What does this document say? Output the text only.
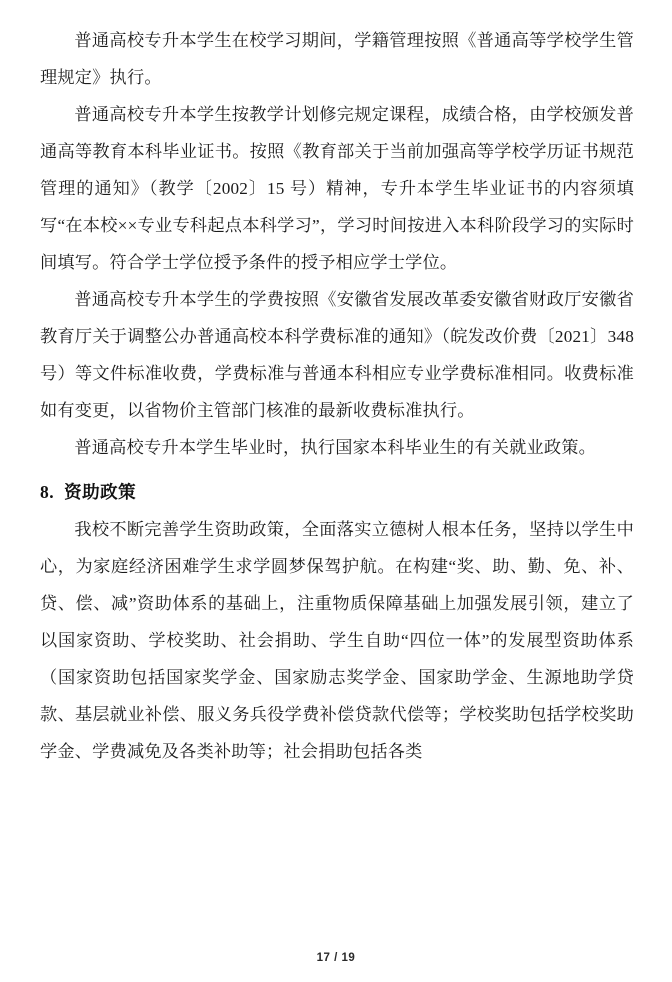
普通高校专升本学生在校学习期间，学籍管理按照《普通高等学校学生管理规定》执行。

普通高校专升本学生按教学计划修完规定课程，成绩合格，由学校颁发普通高等教育本科毕业证书。按照《教育部关于当前加强高等学校学历证书规范管理的通知》（教学〔2002〕15 号）精神，专升本学生毕业证书的内容须填写“在本校××专业专科起点本科学习”，学习时间按进入本科阶段学习的实际时间填写。符合学士学位授予条件的授予相应学士学位。

普通高校专升本学生的学费按照《安徽省发展改革委安徽省财政厅安徽省教育厅关于调整公办普通高校本科学费标准的通知》（皖发改价费〔2021〕348 号）等文件标准收费，学费标准与普通本科相应专业学费标准相同。收费标准如有变更，以省物价主管部门核准的最新收费标准执行。

普通高校专升本学生毕业时，执行国家本科毕业生的有关就业政策。

8. 资助政策

我校不断完善学生资助政策，全面落实立德树人根本任务，坚持以学生中心，为家庭经济困难学生求学圆梦保驾护航。在构建“奖、助、勤、免、补、贷、偿、减”资助体系的基础上，注重物质保障基础上加强发展引领，建立了以国家资助、学校奖助、社会捐助、学生自助“四位一体”的发展型资助体系（国家资助包括国家奖学金、国家励志奖学金、国家助学金、生源地助学贷款、基层就业补偿、服义务兵役学费补偿贷款代偿等；学校奖助包括学校奖助学金、学费减免及各类补助等；社会捐助包括各类

17 / 19
